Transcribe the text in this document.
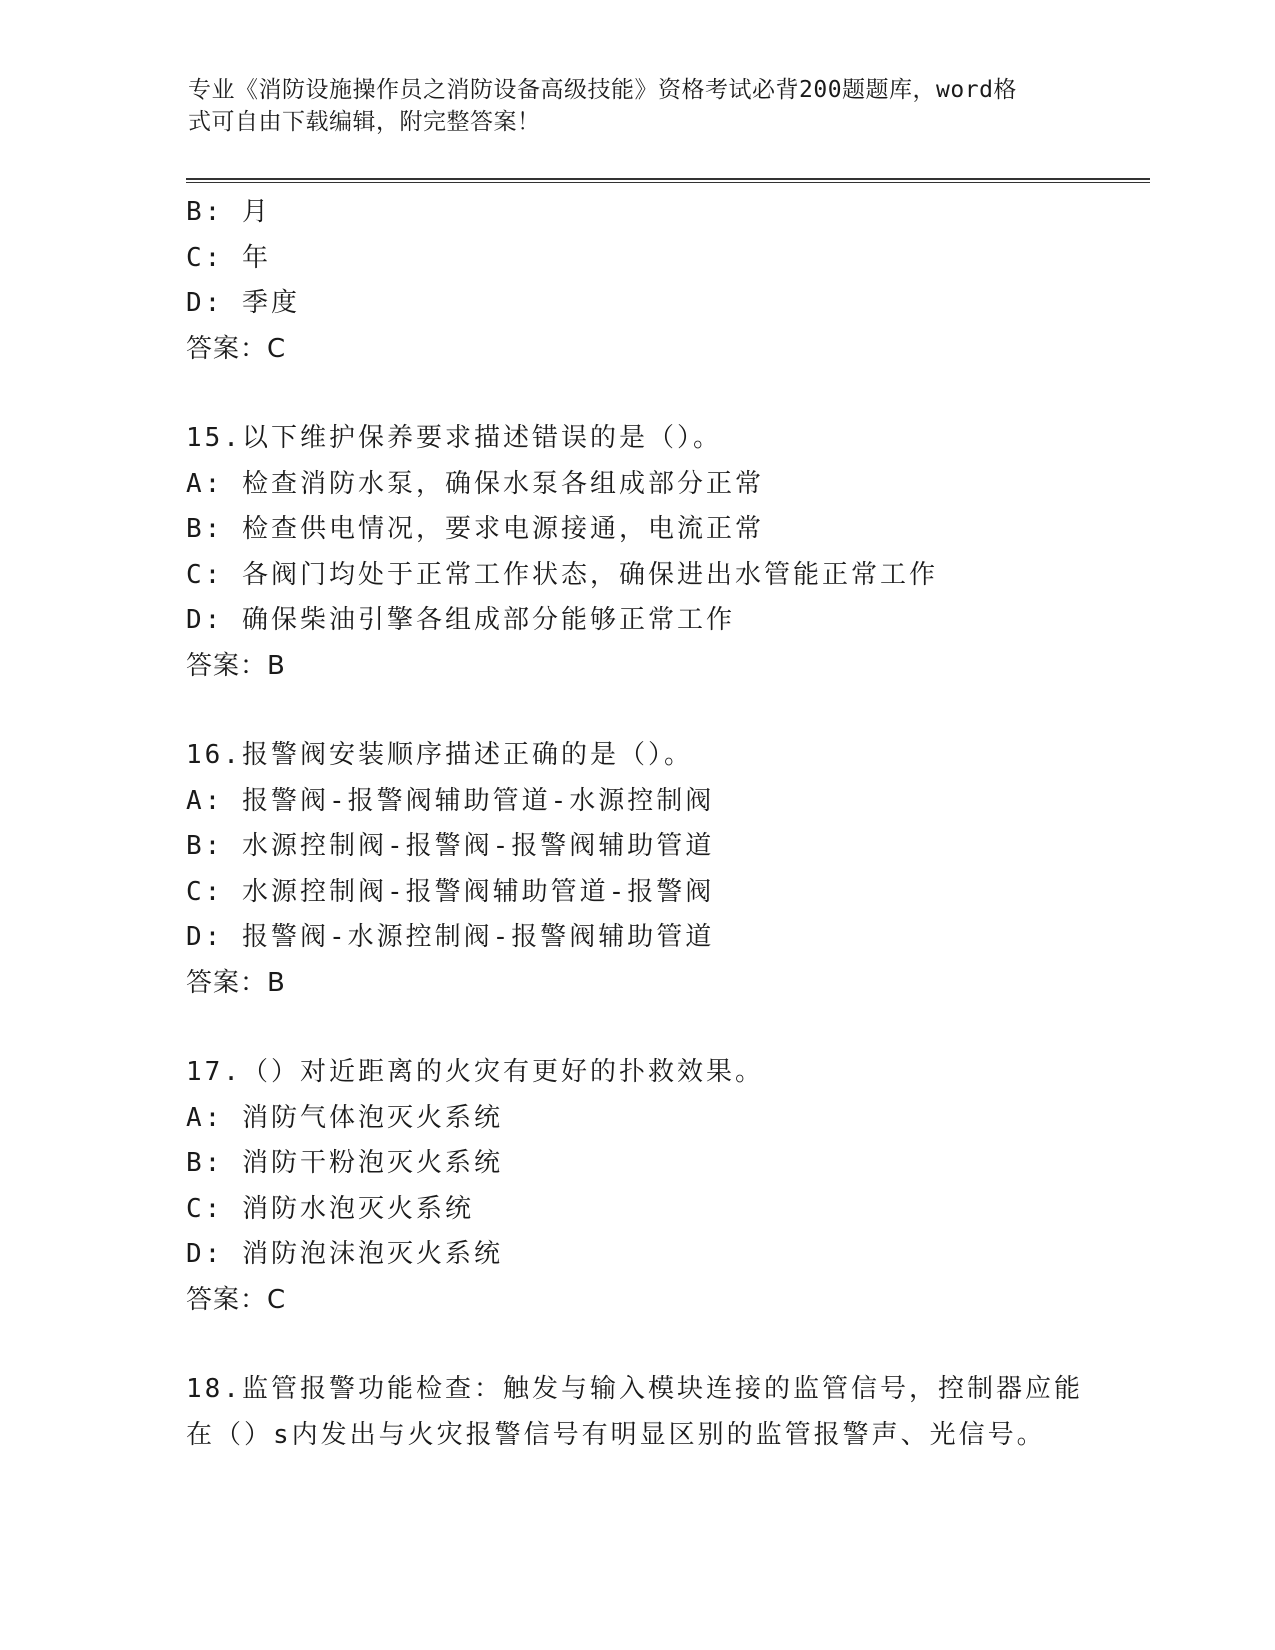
专业《消防设施操作员之消防设备高级技能》资格考试必背200题题库，word格
式可自由下载编辑，附完整答案！
B: 月
C: 年
D: 季度
答案：C
15.以下维护保养要求描述错误的是（）。
A: 检查消防水泵，确保水泵各组成部分正常
B: 检查供电情况，要求电源接通，电流正常
C: 各阀门均处于正常工作状态，确保进出水管能正常工作
D: 确保柴油引擎各组成部分能够正常工作
答案：B
16.报警阀安装顺序描述正确的是（）。
A: 报警阀-报警阀辅助管道-水源控制阀
B: 水源控制阀-报警阀-报警阀辅助管道
C: 水源控制阀-报警阀辅助管道-报警阀
D: 报警阀-水源控制阀-报警阀辅助管道
答案：B
17.（）对近距离的火灾有更好的扑救效果。
A: 消防气体泡灭火系统
B: 消防干粉泡灭火系统
C: 消防水泡灭火系统
D: 消防泡沫泡灭火系统
答案：C
18.监管报警功能检查：触发与输入模块连接的监管信号，控制器应能
在（）s内发出与火灾报警信号有明显区别的监管报警声、光信号。
